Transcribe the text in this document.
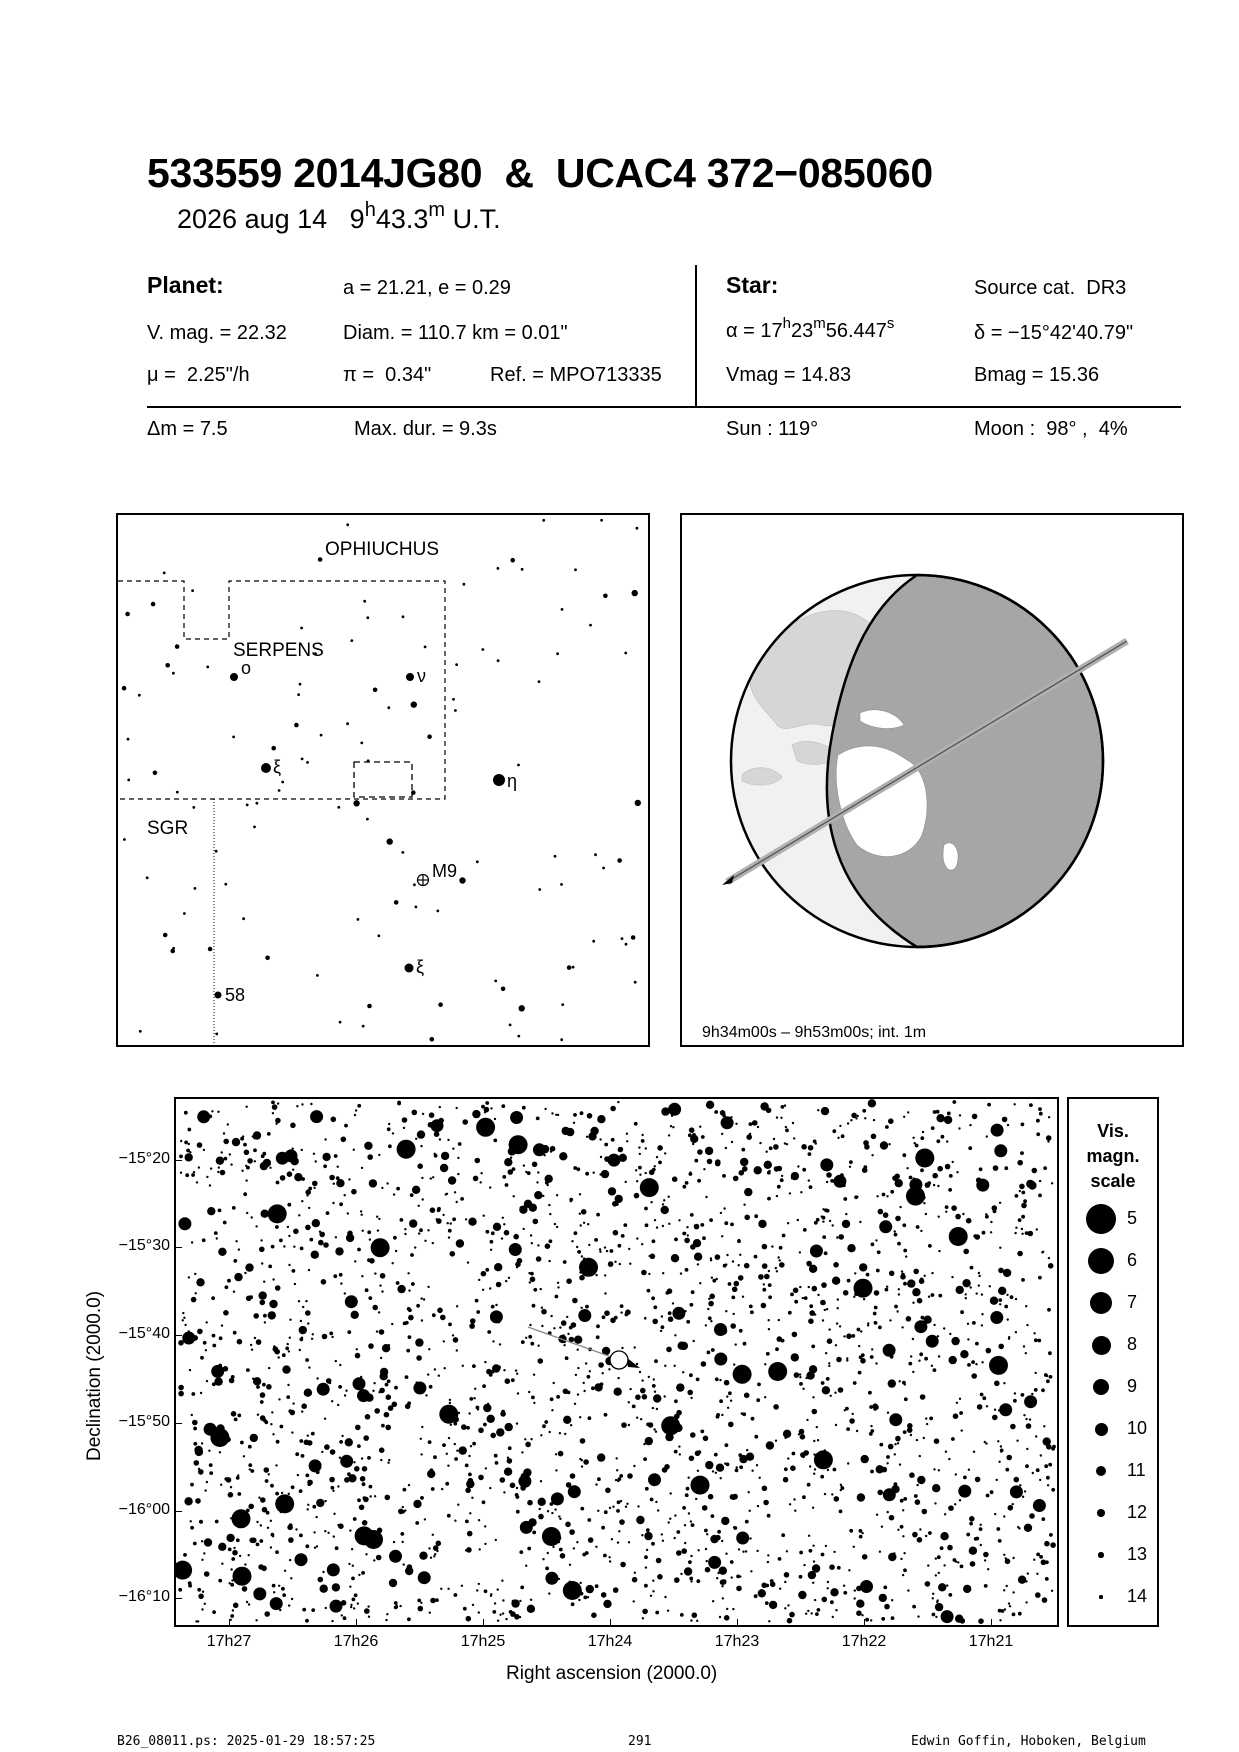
533559 2014JG80  &  UCAC4 372−085060
2026 aug 14 9$^h$43.3$^m$ U.T.
Planet:	a = 21.21, e = 0.29
V. mag. = 22.32	Diam. = 110.7 km = 0.01"
μ =  2.25"/h	π =  0.34"	Ref. = MPO713335
Star:	Source cat.  DR3
$\alpha = 17^h23^m56.447^s$	δ = −15°42'40.79"
Vmag = 14.83	Bmag = 15.36
Δm = 7.5	Max. dur. = 9.3s	Sun : 119°	Moon :  98° ,  4%
OPHIUCHUS
SERPENS
SGR
o	ν
ξ
η
M9
ξ
58
9h34m00s – 9h53m00s; int. 1m
−15°20
−15°30
−15°40
−15°50
−16°00
−16°10
17h27	17h26	17h25	17h24	17h23	17h22	17h21
Declination (2000.0)
Right ascension (2000.0)
Vis.
magn.
scale
5
6
7
8
9
10
11
12
13
14
B26_08011.ps: 2025-01-29 18:57:25	291	Edwin Goffin, Hoboken, Belgium
